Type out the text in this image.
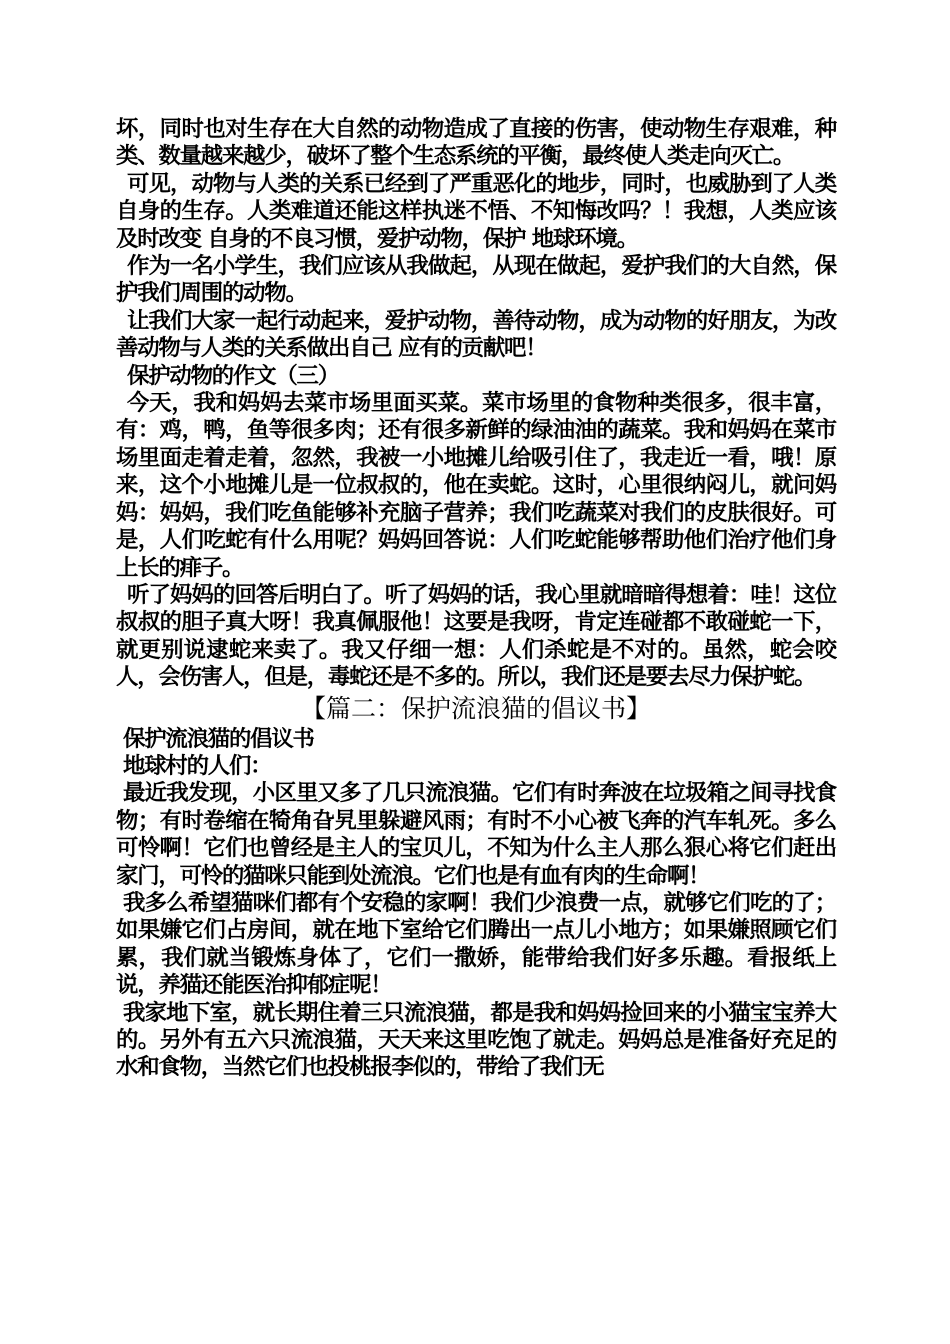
坏，同时也对生存在大自然的动物造成了直接的伤害，使动物生存艰难，种类、数量越来越少，破坏了整个生态系统的平衡，最终使人类走向灭亡。

可见，动物与人类的关系已经到了严重恶化的地步，同时，也威胁到了人类自身的生存。人类难道还能这样执迷不悟、不知悔改吗？！我想，人类应该及时改变 自身的不良习惯，爱护动物，保护 地球环境。

作为一名小学生，我们应该从我做起，从现在做起，爱护我们的大自然，保护我们周围的动物。

让我们大家一起行动起来，爱护动物，善待动物，成为动物的好朋友，为改善动物与人类的关系做出自己 应有的贡献吧！

保护动物的作文（三）

今天，我和妈妈去菜市场里面买菜。菜市场里的食物种类很多，很丰富，有：鸡，鸭，鱼等很多肉；还有很多新鲜的绿油油的蔬菜。我和妈妈在菜市场里面走着走着，忽然，我被一小地摊儿给吸引住了，我走近一看，哦！原来，这个小地摊儿是一位叔叔的，他在卖蛇。这时，心里很纳闷儿，就问妈妈：妈妈，我们吃鱼能够补充脑子营养；我们吃蔬菜对我们的皮肤很好。可是，人们吃蛇有什么用呢？妈妈回答说：人们吃蛇能够帮助他们治疗他们身上长的痱子。

听了妈妈的回答后明白了。听了妈妈的话，我心里就暗暗得想着：哇！这位叔叔的胆子真大呀！我真佩服他！这要是我呀，肯定连碰都不敢碰蛇一下，就更别说逮蛇来卖了。我又仔细一想：人们杀蛇是不对的。虽然，蛇会咬人，会伤害人，但是，毒蛇还是不多的。所以，我们还是要去尽力保护蛇。

【篇二：保护流浪猫的倡议书】

保护流浪猫的倡议书

地球村的人们：

最近我发现，小区里又多了几只流浪猫。它们有时奔波在垃圾箱之间寻找食物；有时卷缩在犄角旮旯里躲避风雨；有时不小心被飞奔的汽车轧死。多么可怜啊！它们也曾经是主人的宝贝儿，不知为什么主人那么狠心将它们赶出家门，可怜的猫咪只能到处流浪。它们也是有血有肉的生命啊！

我多么希望猫咪们都有个安稳的家啊！我们少浪费一点，就够它们吃的了；如果嫌它们占房间，就在地下室给它们腾出一点儿小地方；如果嫌照顾它们累，我们就当锻炼身体了，它们一撒娇，能带给我们好多乐趣。看报纸上说，养猫还能医治抑郁症呢！

我家地下室，就长期住着三只流浪猫，都是我和妈妈捡回来的小猫宝宝养大的。另外有五六只流浪猫，天天来这里吃饱了就走。妈妈总是准备好充足的水和食物，当然它们也投桃报李似的，带给了我们无
